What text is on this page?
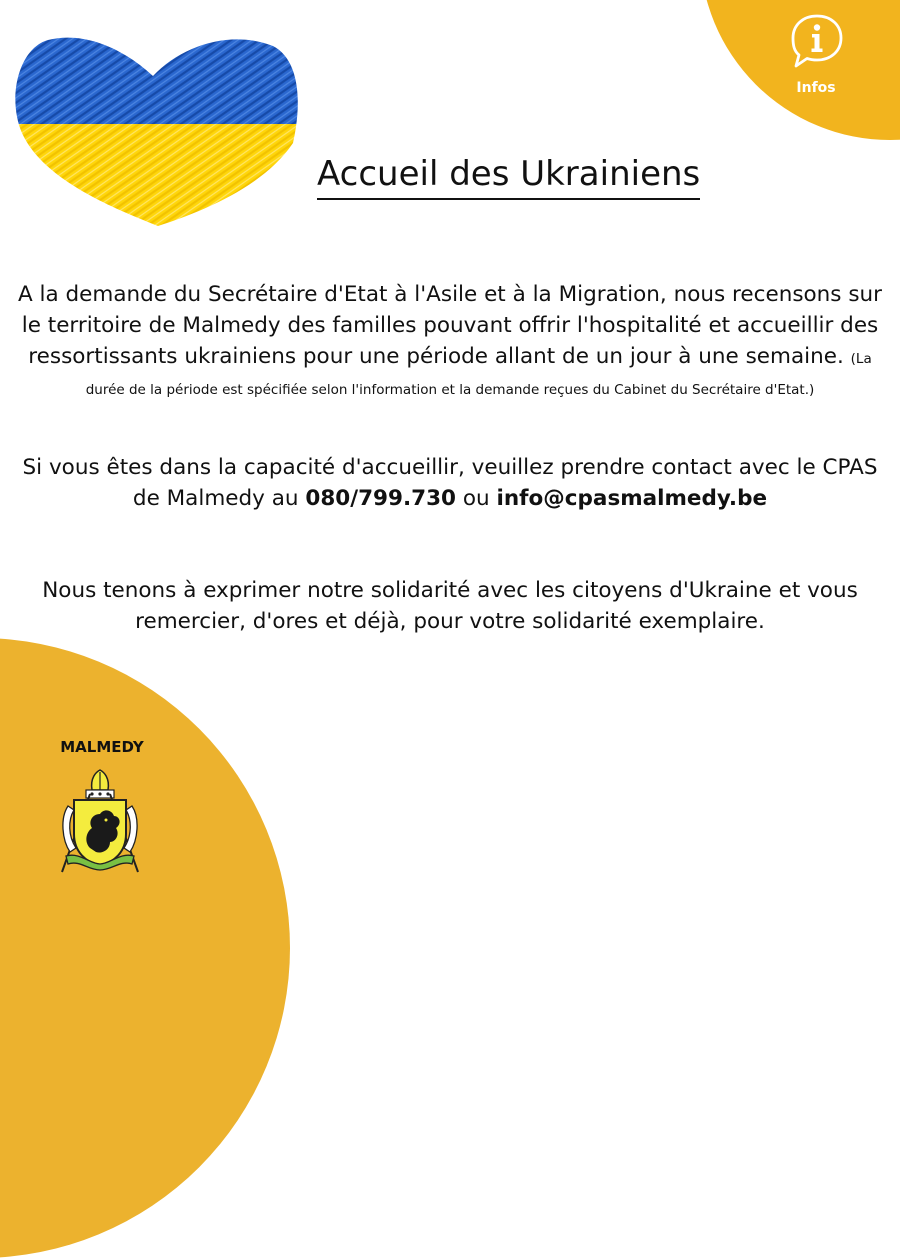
Infos
Accueil des Ukrainiens

A la demande du Secrétaire d'Etat à l'Asile et à la Migration, nous recensons sur le territoire de Malmedy des familles pouvant offrir l'hospitalité et accueillir des ressortissants ukrainiens pour une période allant de un jour à une semaine. (La durée de la période est spécifiée selon l'information et la demande reçues du Cabinet du Secrétaire d'Etat.)

Si vous êtes dans la capacité d'accueillir, veuillez prendre contact avec le CPAS de Malmedy au 080/799.730 ou info@cpasmalmedy.be

Nous tenons à exprimer notre solidarité avec les citoyens d'Ukraine et vous remercier, d'ores et déjà, pour votre solidarité exemplaire.

MALMEDY
